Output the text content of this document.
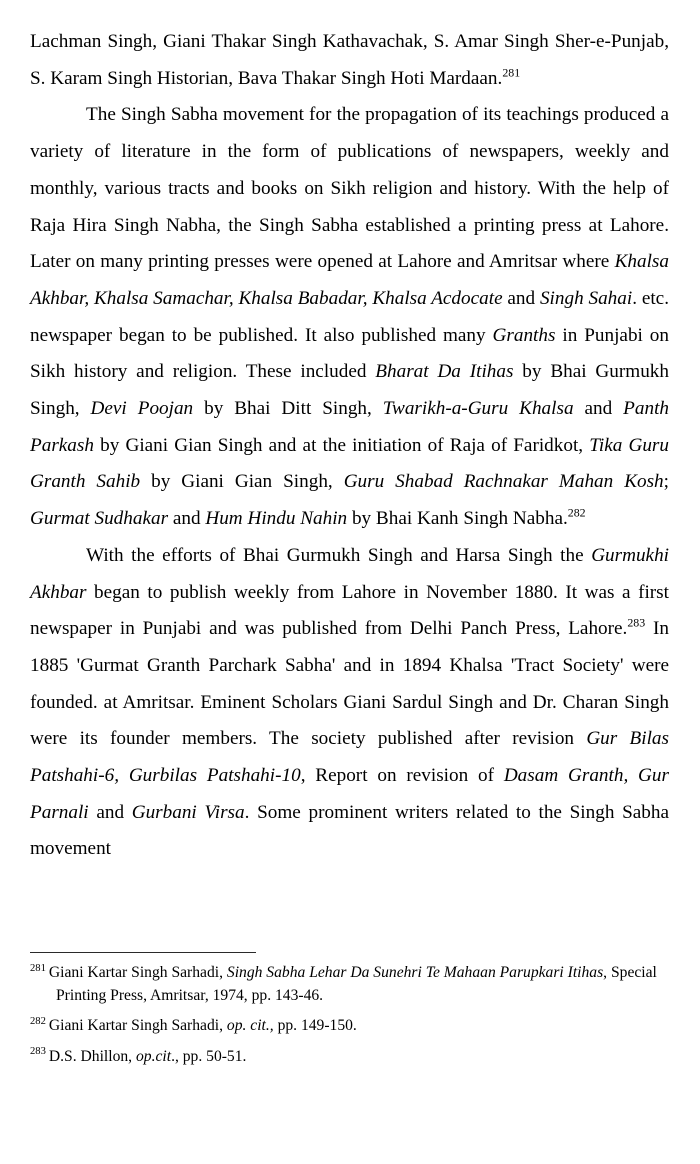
Lachman Singh, Giani Thakar Singh Kathavachak, S. Amar Singh Sher-e-Punjab, S. Karam Singh Historian, Bava Thakar Singh Hoti Mardaan.$^{281}$

The Singh Sabha movement for the propagation of its teachings produced a variety of literature in the form of publications of newspapers, weekly and monthly, various tracts and books on Sikh religion and history. With the help of Raja Hira Singh Nabha, the Singh Sabha established a printing press at Lahore. Later on many printing presses were opened at Lahore and Amritsar where Khalsa Akhbar, Khalsa Samachar, Khalsa Babadar, Khalsa Acdocate and Singh Sahai. etc. newspaper began to be published. It also published many Granths in Punjabi on Sikh history and religion. These included Bharat Da Itihas by Bhai Gurmukh Singh, Devi Poojan by Bhai Ditt Singh, Twarikh-a-Guru Khalsa and Panth Parkash by Giani Gian Singh and at the initiation of Raja of Faridkot, Tika Guru Granth Sahib by Giani Gian Singh, Guru Shabad Rachnakar Mahan Kosh; Gurmat Sudhakar and Hum Hindu Nahin by Bhai Kanh Singh Nabha.$^{282}$

With the efforts of Bhai Gurmukh Singh and Harsa Singh the Gurmukhi Akhbar began to publish weekly from Lahore in November 1880. It was a first newspaper in Punjabi and was published from Delhi Panch Press, Lahore.$^{283}$ In 1885 'Gurmat Granth Parchark Sabha' and in 1894 Khalsa 'Tract Society' were founded. at Amritsar. Eminent Scholars Giani Sardul Singh and Dr. Charan Singh were its founder members. The society published after revision Gur Bilas Patshahi-6, Gurbilas Patshahi-10, Report on revision of Dasam Granth, Gur Parnali and Gurbani Virsa. Some prominent writers related to the Singh Sabha movement

$^{281}$ Giani Kartar Singh Sarhadi, Singh Sabha Lehar Da Sunehri Te Mahaan Parupkari Itihas, Special Printing Press, Amritsar, 1974, pp. 143-46.
$^{282}$ Giani Kartar Singh Sarhadi, op. cit., pp. 149-150.
$^{283}$ D.S. Dhillon, op.cit., pp. 50-51.
